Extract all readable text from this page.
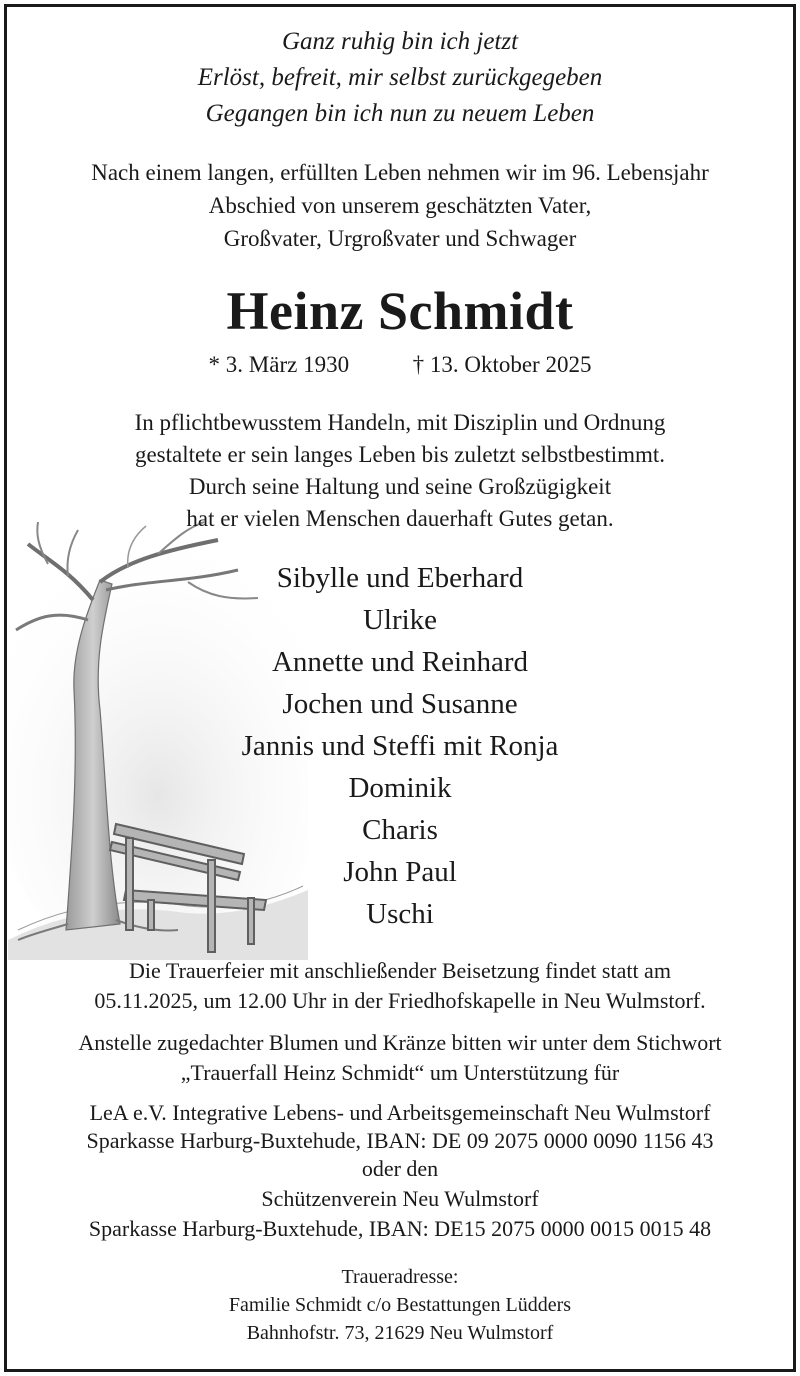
Ganz ruhig bin ich jetzt
Erlöst, befreit, mir selbst zurückgegeben
Gegangen bin ich nun zu neuem Leben
Nach einem langen, erfüllten Leben nehmen wir im 96. Lebensjahr
Abschied von unserem geschätzten Vater,
Großvater, Urgroßvater und Schwager
Heinz Schmidt
* 3. März 1930	† 13. Oktober 2025
In pflichtbewusstem Handeln, mit Disziplin und Ordnung
gestaltete er sein langes Leben bis zuletzt selbstbestimmt.
Durch seine Haltung und seine Großzügigkeit
hat er vielen Menschen dauerhaft Gutes getan.
Sibylle und Eberhard
Ulrike
Annette und Reinhard
Jochen und Susanne
Jannis und Steffi mit Ronja
Dominik
Charis
John Paul
Uschi
Die Trauerfeier mit anschließender Beisetzung findet statt am
05.11.2025, um 12.00 Uhr in der Friedhofskapelle in Neu Wulmstorf.
Anstelle zugedachter Blumen und Kränze bitten wir unter dem Stichwort
„Trauerfall Heinz Schmidt“ um Unterstützung für
LeA e.V. Integrative Lebens- und Arbeitsgemeinschaft Neu Wulmstorf
Sparkasse Harburg-Buxtehude, IBAN: DE 09 2075 0000 0090 1156 43
oder den
Schützenverein Neu Wulmstorf
Sparkasse Harburg-Buxtehude, IBAN: DE15 2075 0000 0015 0015 48
Traueradresse:
Familie Schmidt c/o Bestattungen Lüdders
Bahnhofstr. 73, 21629 Neu Wulmstorf
